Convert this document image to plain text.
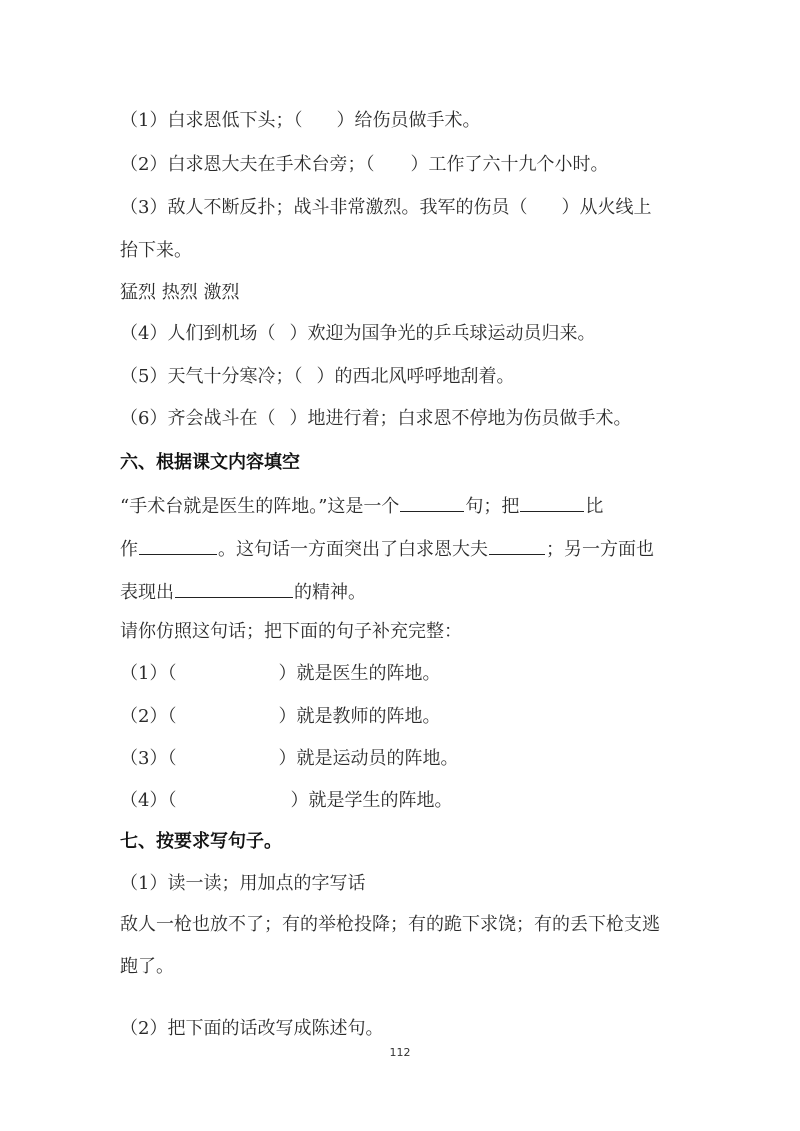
（1）白求恩低下头；（ ）给伤员做手术。
（2）白求恩大夫在手术台旁；（ ）工作了六十九个小时。
（3）敌人不断反扑；战斗非常激烈。我军的伤员（ ）从火线上
抬下来。
猛烈 热烈 激烈
（4）人们到机场（ ）欢迎为国争光的乒乓球运动员归来。
（5）天气十分寒冷；（ ）的西北风呼呼地刮着。
（6）齐会战斗在（ ）地进行着；白求恩不停地为伤员做手术。
六、根据课文内容填空
“手术台就是医生的阵地。”这是一个	句；把	比
作	。这句话一方面突出了白求恩大夫	；另一方面也
表现出	的精神。
请你仿照这句话；把下面的句子补充完整：
（1）（	）就是医生的阵地。
（2）（	）就是教师的阵地。
（3）（	）就是运动员的阵地。
（4）（	）就是学生的阵地。
七、按要求写句子。
（1）读一读；用加点的字写话
敌人一枪也放不了；有的举枪投降；有的跪下求饶；有的丢下枪支逃
跑了。
（2）把下面的话改写成陈述句。
112
